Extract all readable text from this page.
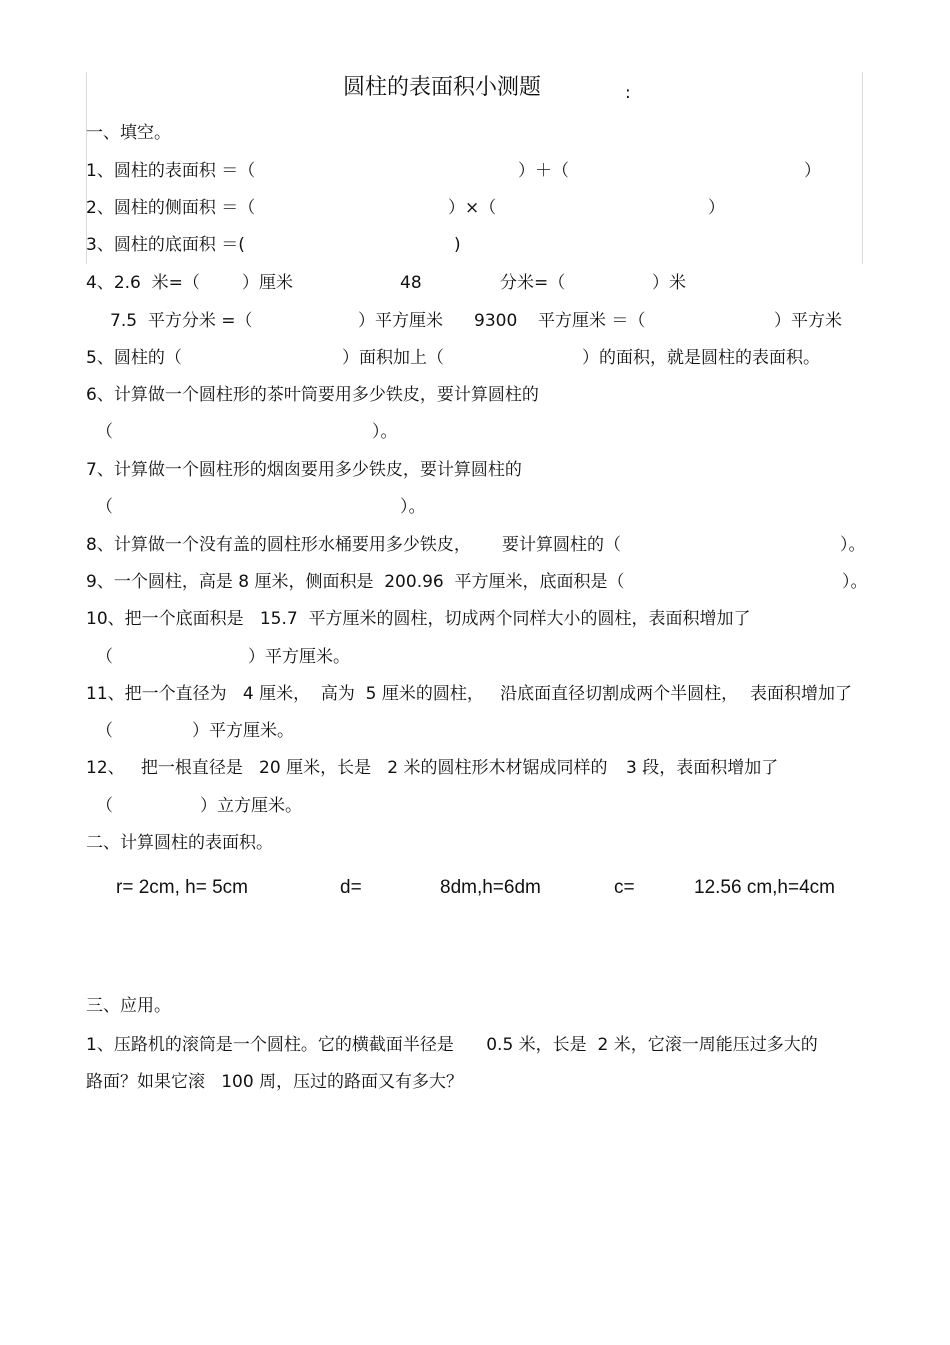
圆柱的表面积小测题	:
一、填空。
1、圆柱的表面积 ＝（	）＋（	）
2、圆柱的侧面积 ＝（	）×（	）
3、圆柱的底面积 ＝(	)
4、2.6  米=（ ）厘米	48	分米=（	）米
7.5  平方分米 =（	）平方厘米 9300 平方厘米 ＝（	）平方米
5、圆柱的（	）面积加上（	）的面积，就是圆柱的表面积。
6、计算做一个圆柱形的茶叶筒要用多少铁皮，要计算圆柱的
（	）。
7、计算做一个圆柱形的烟囱要用多少铁皮，要计算圆柱的
（	）。
8、计算做一个没有盖的圆柱形水桶要用多少铁皮， 要计算圆柱的（	）。
9、一个圆柱，高是 8 厘米，侧面积是  200.96  平方厘米，底面积是（	）。
10、把一个底面积是   15.7  平方厘米的圆柱，切成两个同样大小的圆柱，表面积增加了
（	）平方厘米。
11、把一个直径为   4 厘米，  高为  5 厘米的圆柱，   沿底面直径切割成两个半圆柱， 表面积增加了
（	）平方厘米。
12、   把一根直径是   20 厘米，长是   2 米的圆柱形木材锯成同样的 3 段，表面积增加了
（	）立方厘米。
二、计算圆柱的表面积。
r= 2cm, h= 5cm	d=	8dm,h=6dm	c=	12.56 cm,h=4cm
三、应用。
1、压路机的滚筒是一个圆柱。它的横截面半径是      0.5 米，长是  2 米，它滚一周能压过多大的
路面？如果它滚   100 周，压过的路面又有多大？
